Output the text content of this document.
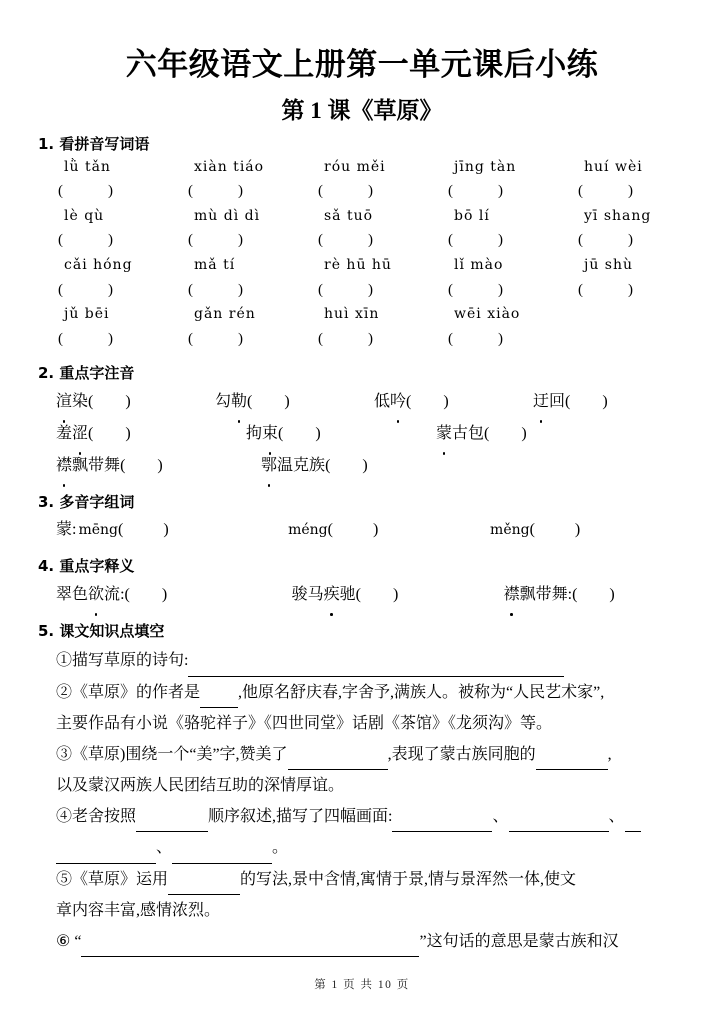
六年级语文上册第一单元课后小练
第 1 课《草原》
1. 看拼音写词语
lǜ tǎn	xiàn tiáo	róu měi	jīng tàn	huí wèi
(            )	(            )	(            )	(            )	(            )
lè qù	mù dì dì	sǎ tuō	bō lí	yī shang
(            )	(            )	(            )	(            )	(            )
cǎi hóng	mǎ tí	rè hū hū	lǐ mào	jū shù
(            )	(            )	(            )	(            )	(            )
jǔ bēi	gǎn rén	huì xīn	wēi xiào
(            )	(            )	(            )	(            )
2. 重点字注音
渲染(        )	勾勒(        )	低吟(        )	迂回(        )
羞涩(        )	拘束(        )	蒙古包(        )
襟飘带舞(        )	鄂温克族(        )
3. 多音字组词
蒙: mēng(          )	méng(          )	měng(          )
4. 重点字释义
翠色欲流:(        )	骏马疾驰(        )	襟飘带舞:(        )
5. 课文知识点填空
①描写草原的诗句:
②《草原》的作者是 ,他原名舒庆春,字舍予,满族人。被称为“人民艺术家”,
主要作品有小说《骆驼祥子》《四世同堂》话剧《茶馆》《龙须沟》等。
③《草原)围绕一个“美”字,赞美了	,表现了蒙古族同胞的	,
以及蒙汉两族人民团结互助的深情厚谊。
④老舍按照	顺序叙述,描写了四幅画面:	、	、
、	。
⑤《草原》运用	的写法,景中含情,寓情于景,情与景浑然一体,使文
章内容丰富,感情浓烈。
⑥ “	”这句话的意思是蒙古族和汉
第 1 页 共 10 页
